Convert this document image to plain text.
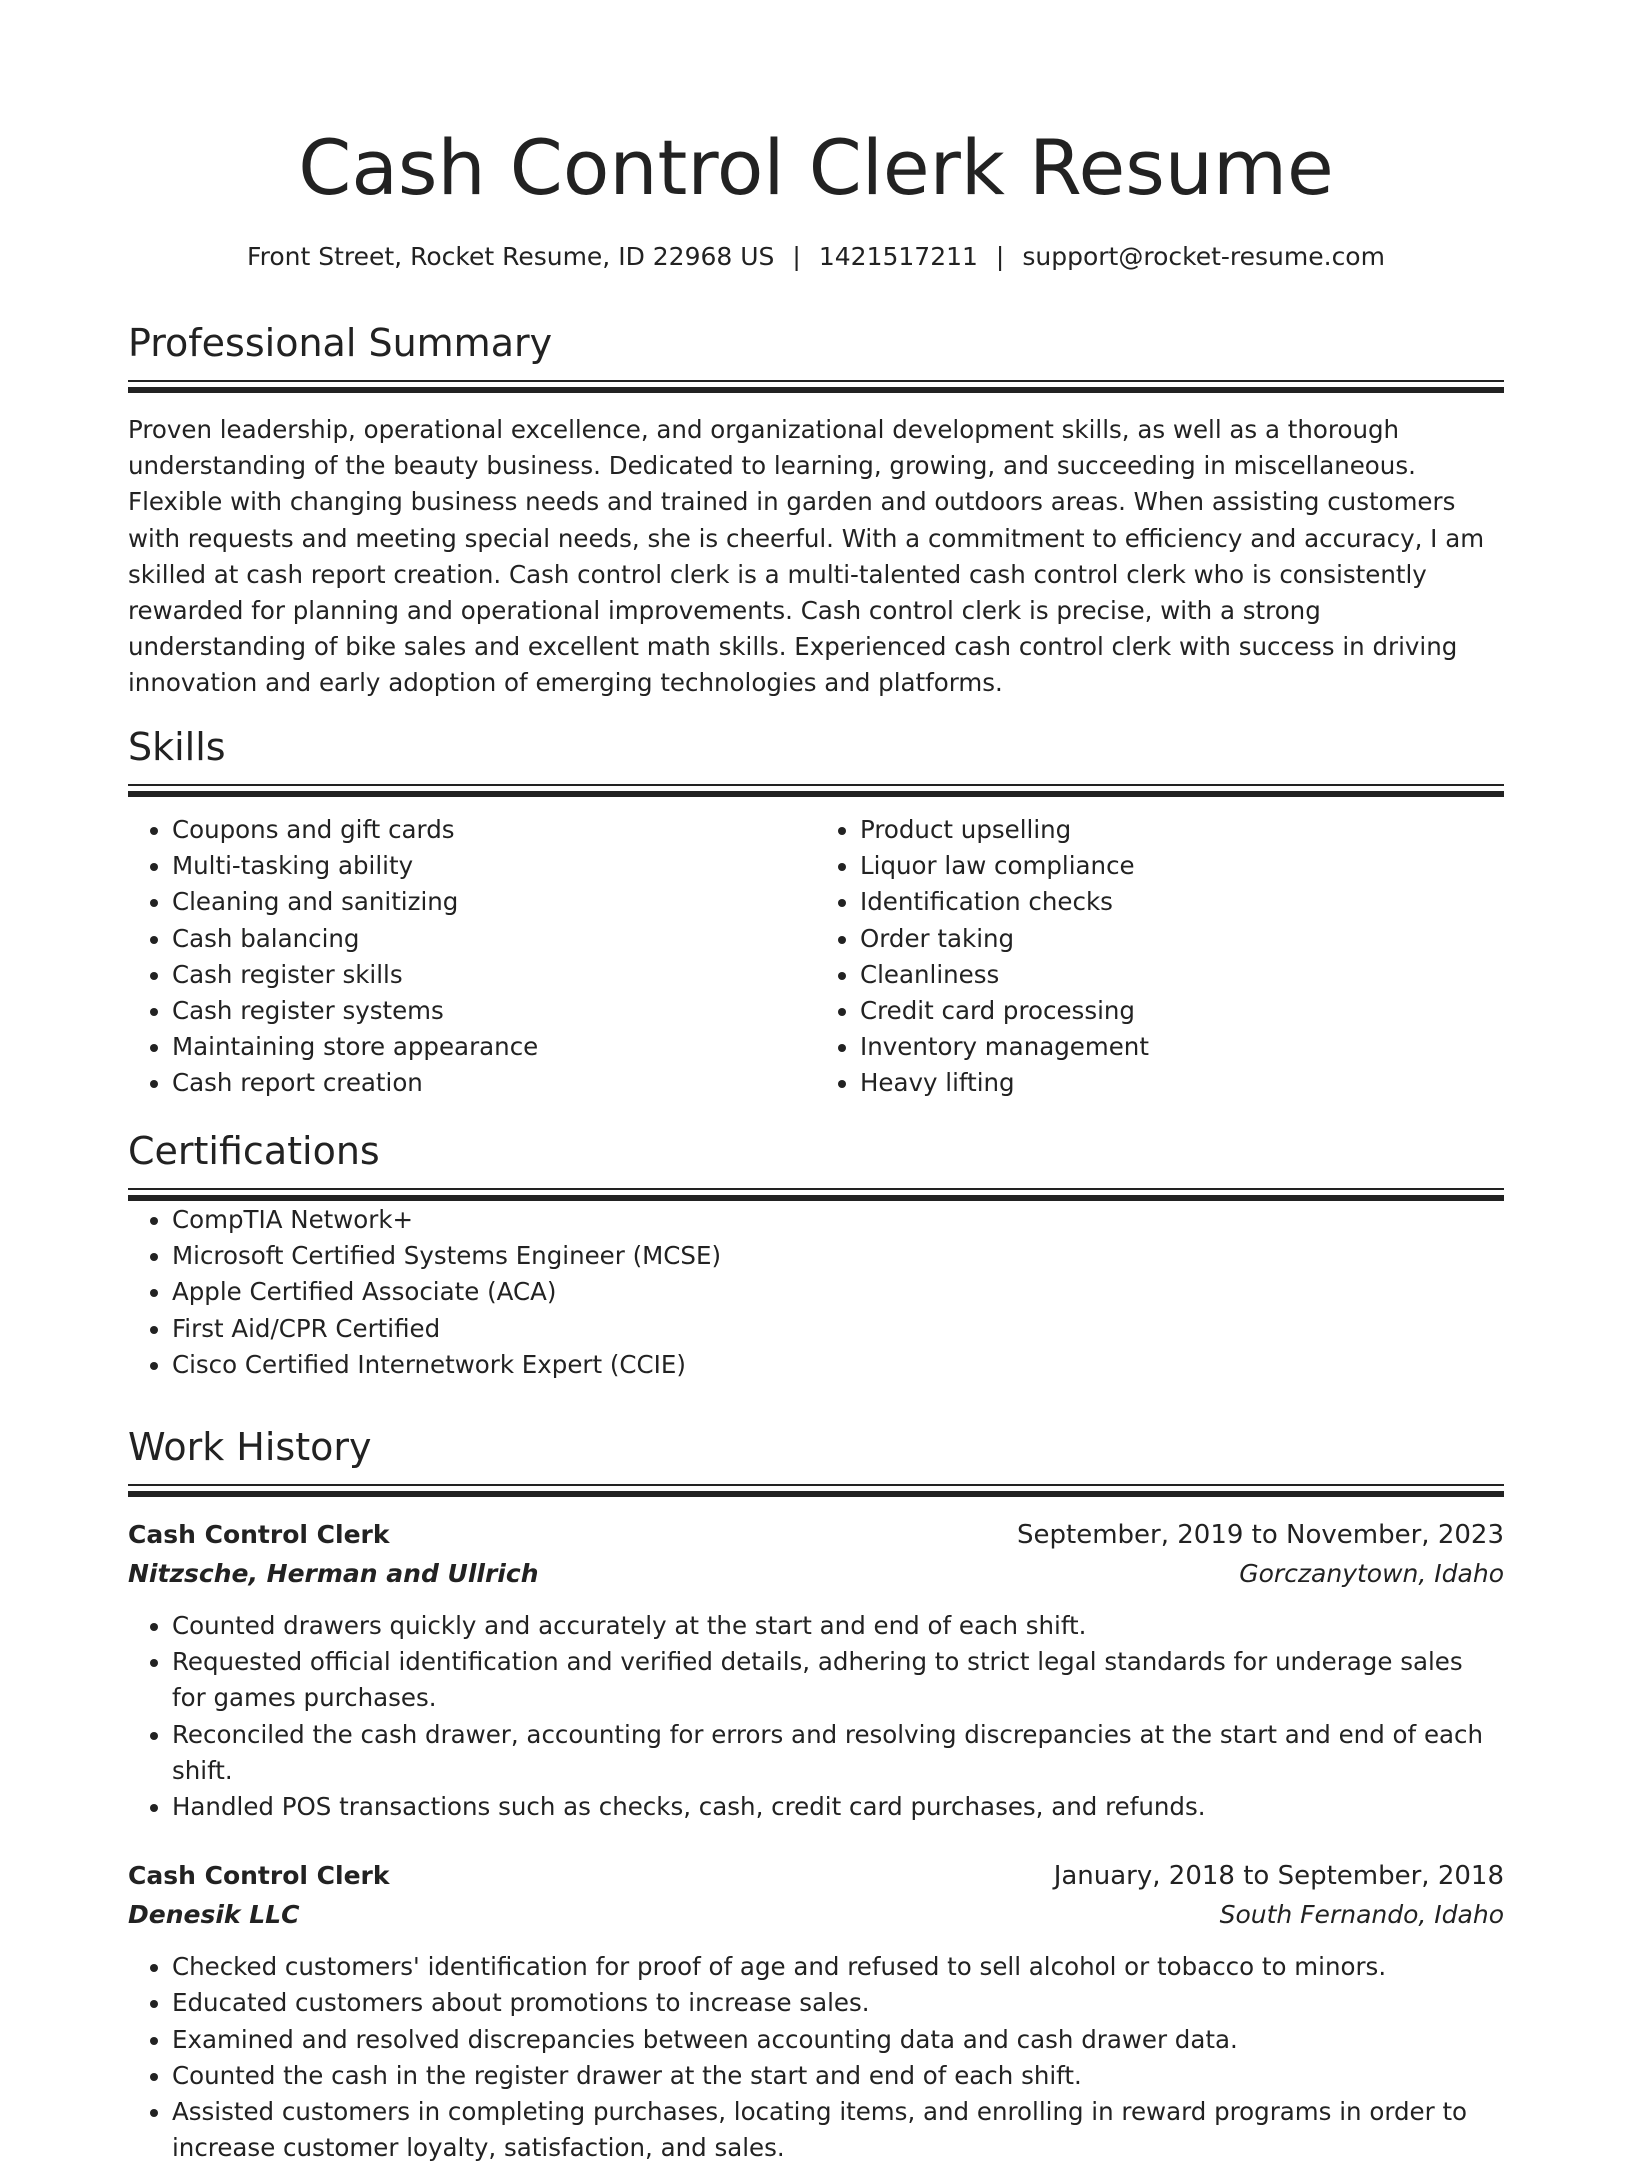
Cash Control Clerk Resume
Front Street, Rocket Resume, ID 22968 US | 1421517211 | support@rocket-resume.com
Professional Summary

Proven leadership, operational excellence, and organizational development skills, as well as a thorough understanding of the beauty business. Dedicated to learning, growing, and succeeding in miscellaneous. Flexible with changing business needs and trained in garden and outdoors areas. When assisting customers with requests and meeting special needs, she is cheerful. With a commitment to efficiency and accuracy, I am skilled at cash report creation. Cash control clerk is a multi-talented cash control clerk who is consistently rewarded for planning and operational improvements. Cash control clerk is precise, with a strong understanding of bike sales and excellent math skills. Experienced cash control clerk with success in driving innovation and early adoption of emerging technologies and platforms.

Skills
• Coupons and gift cards
• Multi-tasking ability
• Cleaning and sanitizing
• Cash balancing
• Cash register skills
• Cash register systems
• Maintaining store appearance
• Cash report creation
• Product upselling
• Liquor law compliance
• Identification checks
• Order taking
• Cleanliness
• Credit card processing
• Inventory management
• Heavy lifting
Certifications
• CompTIA Network+
• Microsoft Certified Systems Engineer (MCSE)
• Apple Certified Associate (ACA)
• First Aid/CPR Certified
• Cisco Certified Internetwork Expert (CCIE)
Work History
Cash Control Clerk	September, 2019 to November, 2023
Nitzsche, Herman and Ullrich	Gorczanytown, Idaho
• Counted drawers quickly and accurately at the start and end of each shift.
• Requested official identification and verified details, adhering to strict legal standards for underage sales for games purchases.
• Reconciled the cash drawer, accounting for errors and resolving discrepancies at the start and end of each shift.
• Handled POS transactions such as checks, cash, credit card purchases, and refunds.
Cash Control Clerk	January, 2018 to September, 2018
Denesik LLC	South Fernando, Idaho
• Checked customers' identification for proof of age and refused to sell alcohol or tobacco to minors.
• Educated customers about promotions to increase sales.
• Examined and resolved discrepancies between accounting data and cash drawer data.
• Counted the cash in the register drawer at the start and end of each shift.
• Assisted customers in completing purchases, locating items, and enrolling in reward programs in order to increase customer loyalty, satisfaction, and sales.
